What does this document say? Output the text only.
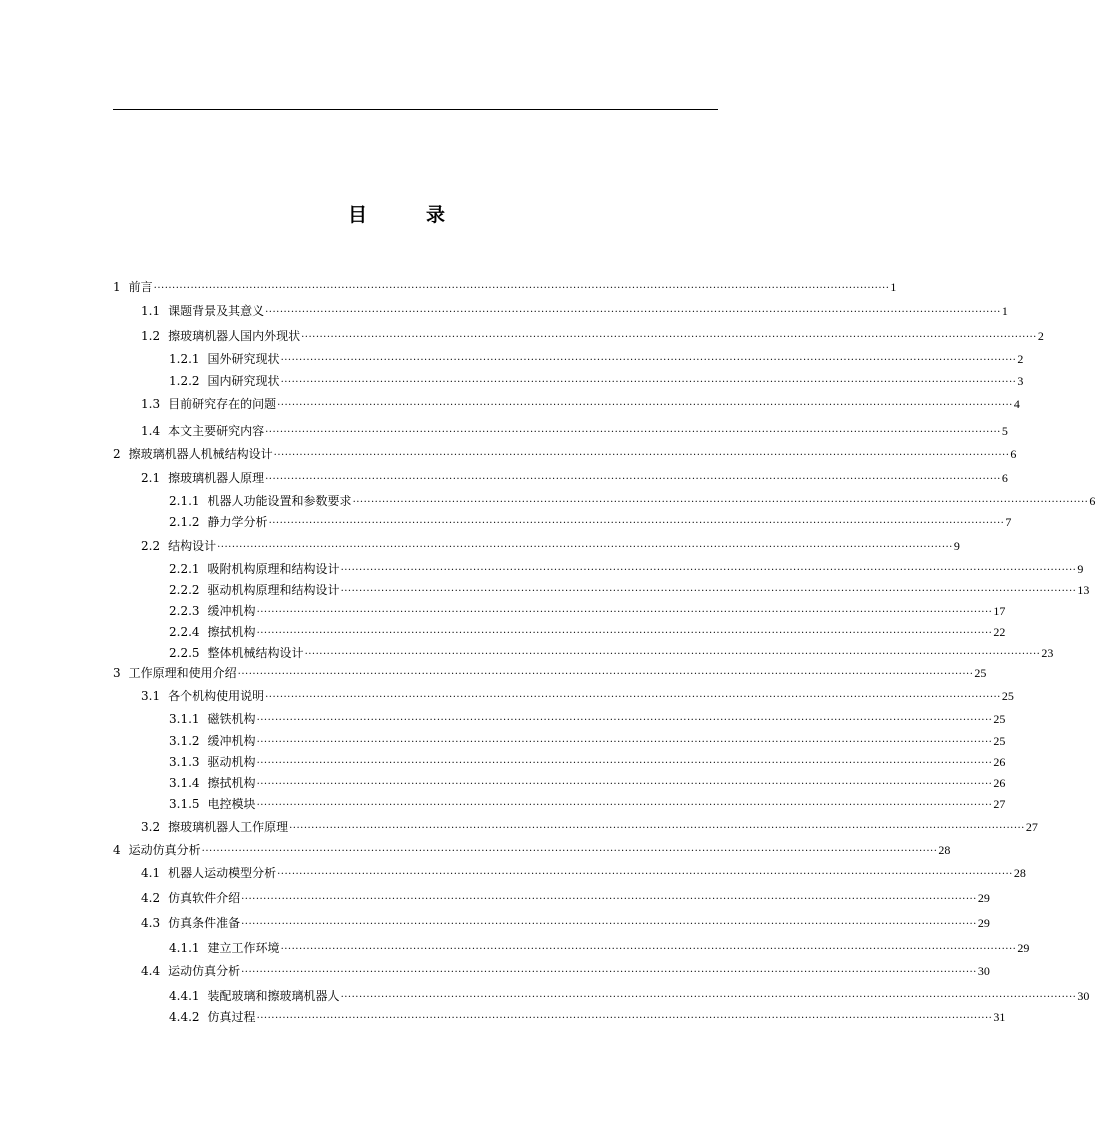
目　录
1 前言 ........................................................................................................................................................................................................ 1
1.1 课题背景及其意义 ........................................................................................................................................................................................................ 1
1.2 擦玻璃机器人国内外现状 ........................................................................................................................................................................................................ 2
1.2.1 国外研究现状 ........................................................................................................................................................................................................ 2
1.2.2 国内研究现状 ........................................................................................................................................................................................................ 3
1.3 目前研究存在的问题 ........................................................................................................................................................................................................ 4
1.4 本文主要研究内容 ........................................................................................................................................................................................................ 5
2 擦玻璃机器人机械结构设计 ........................................................................................................................................................................................................ 6
2.1 擦玻璃机器人原理 ........................................................................................................................................................................................................ 6
2.1.1 机器人功能设置和参数要求 ........................................................................................................................................................................................................ 6
2.1.2 静力学分析 ........................................................................................................................................................................................................ 7
2.2 结构设计 ........................................................................................................................................................................................................ 9
2.2.1 吸附机构原理和结构设计 ........................................................................................................................................................................................................ 9
2.2.2 驱动机构原理和结构设计 ........................................................................................................................................................................................................ 13
2.2.3 缓冲机构 ........................................................................................................................................................................................................ 17
2.2.4 擦拭机构 ........................................................................................................................................................................................................ 22
2.2.5 整体机械结构设计 ........................................................................................................................................................................................................ 23
3 工作原理和使用介绍 ........................................................................................................................................................................................................ 25
3.1 各个机构使用说明 ........................................................................................................................................................................................................ 25
3.1.1 磁铁机构 ........................................................................................................................................................................................................ 25
3.1.2 缓冲机构 ........................................................................................................................................................................................................ 25
3.1.3 驱动机构 ........................................................................................................................................................................................................ 26
3.1.4 擦拭机构 ........................................................................................................................................................................................................ 26
3.1.5 电控模块 ........................................................................................................................................................................................................ 27
3.2 擦玻璃机器人工作原理 ........................................................................................................................................................................................................ 27
4 运动仿真分析 ........................................................................................................................................................................................................ 28
4.1 机器人运动模型分析 ........................................................................................................................................................................................................ 28
4.2 仿真软件介绍 ........................................................................................................................................................................................................ 29
4.3 仿真条件准备 ........................................................................................................................................................................................................ 29
4.1.1 建立工作环境 ........................................................................................................................................................................................................ 29
4.4 运动仿真分析 ........................................................................................................................................................................................................ 30
4.4.1 装配玻璃和擦玻璃机器人 ........................................................................................................................................................................................................ 30
4.4.2 仿真过程 ........................................................................................................................................................................................................ 31
